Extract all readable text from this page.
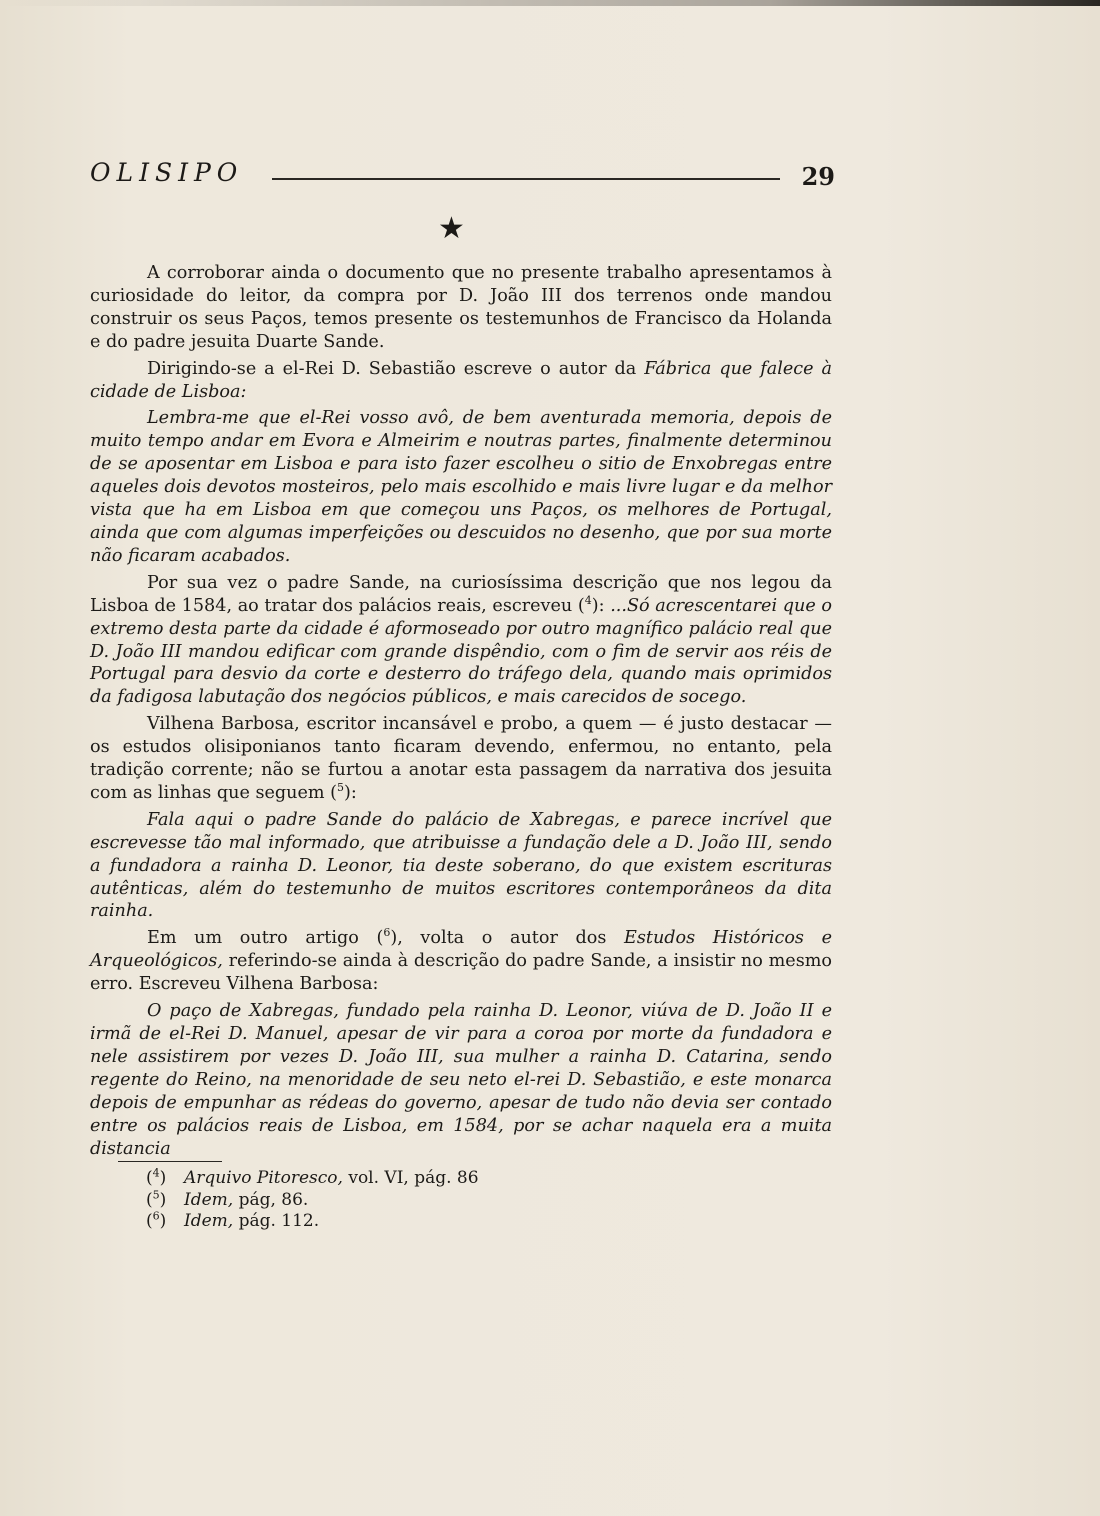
OLISIPO	29
★

A corroborar ainda o documento que no presente trabalho apresentamos à curiosidade do leitor, da compra por D. João III dos terrenos onde mandou construir os seus Paços, temos presente os testemunhos de Francisco da Holanda e do padre jesuita Duarte Sande.

Dirigindo-se a el-Rei D. Sebastião escreve o autor da Fábrica que falece à cidade de Lisboa:

Lembra-me que el-Rei vosso avô, de bem aventurada memoria, depois de muito tempo andar em Evora e Almeirim e noutras partes, finalmente determinou de se aposentar em Lisboa e para isto fazer escolheu o sitio de Enxobregas entre aqueles dois devotos mosteiros, pelo mais escolhido e mais livre lugar e da melhor vista que ha em Lisboa em que começou uns Paços, os melhores de Portugal, ainda que com algumas imperfeições ou descuidos no desenho, que por sua morte não ficaram acabados.

Por sua vez o padre Sande, na curiosíssima descrição que nos legou da Lisboa de 1584, ao tratar dos palácios reais, escreveu ($^4$): ...Só acrescentarei que o extremo desta parte da cidade é aformoseado por outro magnífico palácio real que D. João III mandou edificar com grande dispêndio, com o fim de servir aos réis de Portugal para desvio da corte e desterro do tráfego dela, quando mais oprimidos da fadigosa labutação dos negócios públicos, e mais carecidos de socego.

Vilhena Barbosa, escritor incansável e probo, a quem — é justo destacar — os estudos olisiponianos tanto ficaram devendo, enfermou, no entanto, pela tradição corrente; não se furtou a anotar esta passagem da narrativa dos jesuita com as linhas que seguem ($^5$):

Fala aqui o padre Sande do palácio de Xabregas, e parece incrível que escrevesse tão mal informado, que atribuisse a fundação dele a D. João III, sendo a fundadora a rainha D. Leonor, tia deste soberano, do que existem escrituras autênticas, além do testemunho de muitos escritores contemporâneos da dita rainha.

Em um outro artigo ($^6$), volta o autor dos Estudos Históricos e Arqueológicos, referindo-se ainda à descrição do padre Sande, a insistir no mesmo erro. Escreveu Vilhena Barbosa:

O paço de Xabregas, fundado pela rainha D. Leonor, viúva de D. João II e irmã de el-Rei D. Manuel, apesar de vir para a coroa por morte da fundadora e nele assistirem por vezes D. João III, sua mulher a rainha D. Catarina, sendo regente do Reino, na menoridade de seu neto el-rei D. Sebastião, e este monarca depois de empunhar as rédeas do governo, apesar de tudo não devia ser contado entre os palácios reais de Lisboa, em 1584, por se achar naquela era a muita distancia

($^4$) Arquivo Pitoresco, vol. VI, pág. 86
($^5$) Idem, pág, 86.
($^6$) Idem, pág. 112.
